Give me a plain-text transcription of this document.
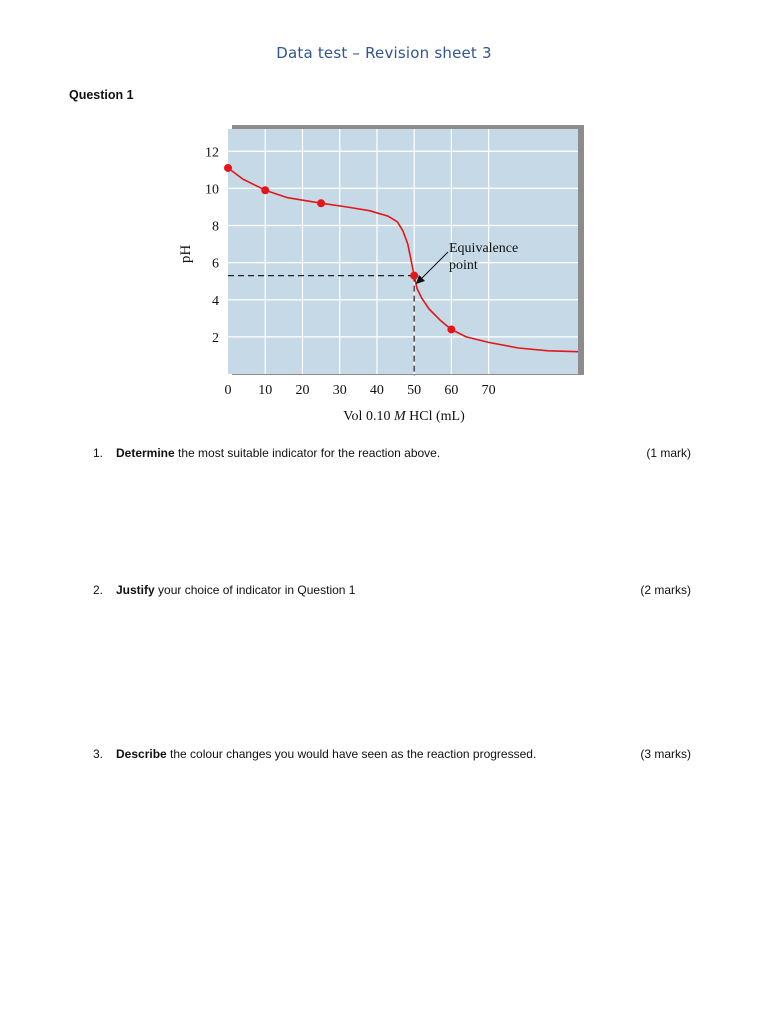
Data test – Revision sheet 3
Question 1
0 10 20 30 40 50 60 70
2
4
6
8
10
12
Equivalence
point
pH
Vol 0.10 M HCl (mL)
1.	Determine the most suitable indicator for the reaction above.	(1 mark)
2.	Justify your choice of indicator in Question 1	(2 marks)
3.	Describe the colour changes you would have seen as the reaction progressed.	(3 marks)
